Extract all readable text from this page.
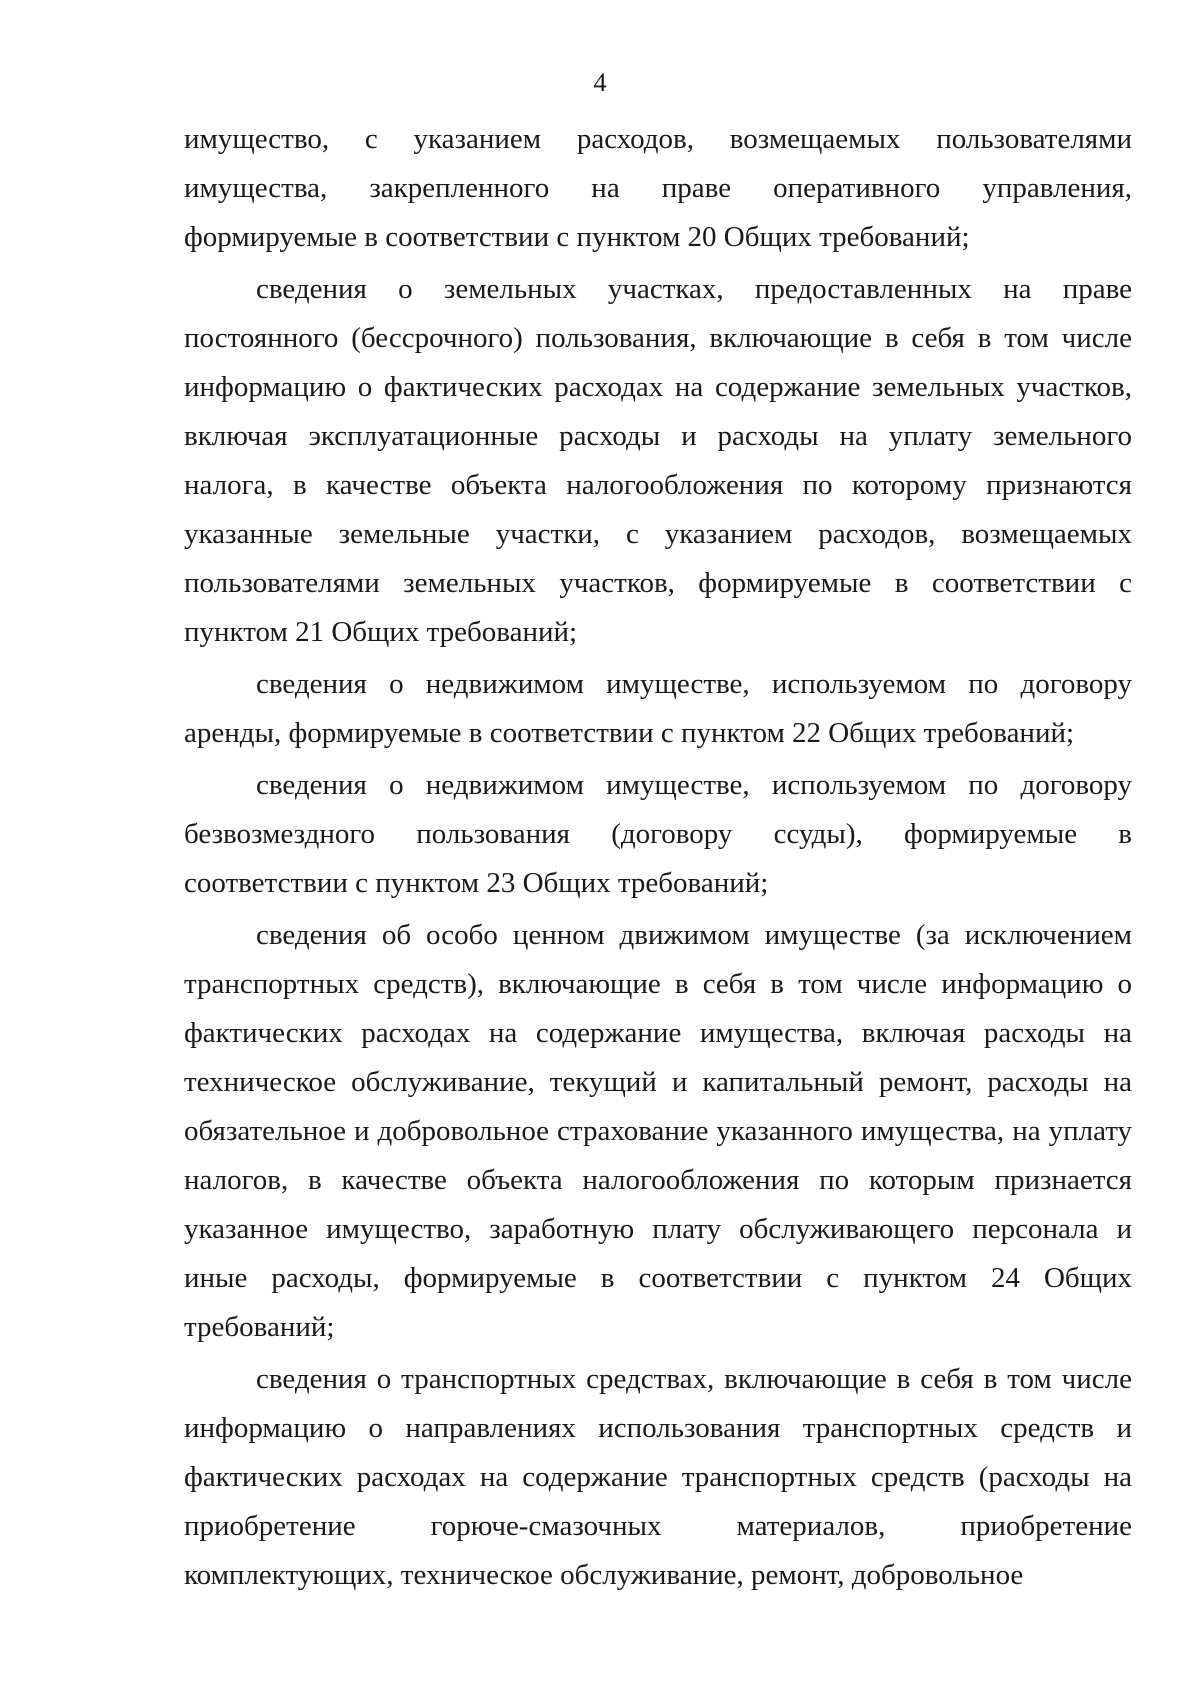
4

имущество, с указанием расходов, возмещаемых пользователями имущества, закрепленного на праве оперативного управления, формируемые в соответствии с пунктом 20 Общих требований;

сведения о земельных участках, предоставленных на праве постоянного (бессрочного) пользования, включающие в себя в том числе информацию о фактических расходах на содержание земельных участков, включая эксплуатационные расходы и расходы на уплату земельного налога, в качестве объекта налогообложения по которому признаются указанные земельные участки, с указанием расходов, возмещаемых пользователями земельных участков, формируемые в соответствии с пунктом 21 Общих требований;

сведения о недвижимом имуществе, используемом по договору аренды, формируемые в соответствии с пунктом 22 Общих требований;

сведения о недвижимом имуществе, используемом по договору безвозмездного пользования (договору ссуды), формируемые в соответствии с пунктом 23 Общих требований;

сведения об особо ценном движимом имуществе (за исключением транспортных средств), включающие в себя в том числе информацию о фактических расходах на содержание имущества, включая расходы на техническое обслуживание, текущий и капитальный ремонт, расходы на обязательное и добровольное страхование указанного имущества, на уплату налогов, в качестве объекта налогообложения по которым признается указанное имущество, заработную плату обслуживающего персонала и иные расходы, формируемые в соответствии с пунктом 24 Общих требований;

сведения о транспортных средствах, включающие в себя в том числе информацию о направлениях использования транспортных средств и фактических расходах на содержание транспортных средств (расходы на приобретение горюче-смазочных материалов, приобретение комплектующих, техническое обслуживание, ремонт, добровольное
